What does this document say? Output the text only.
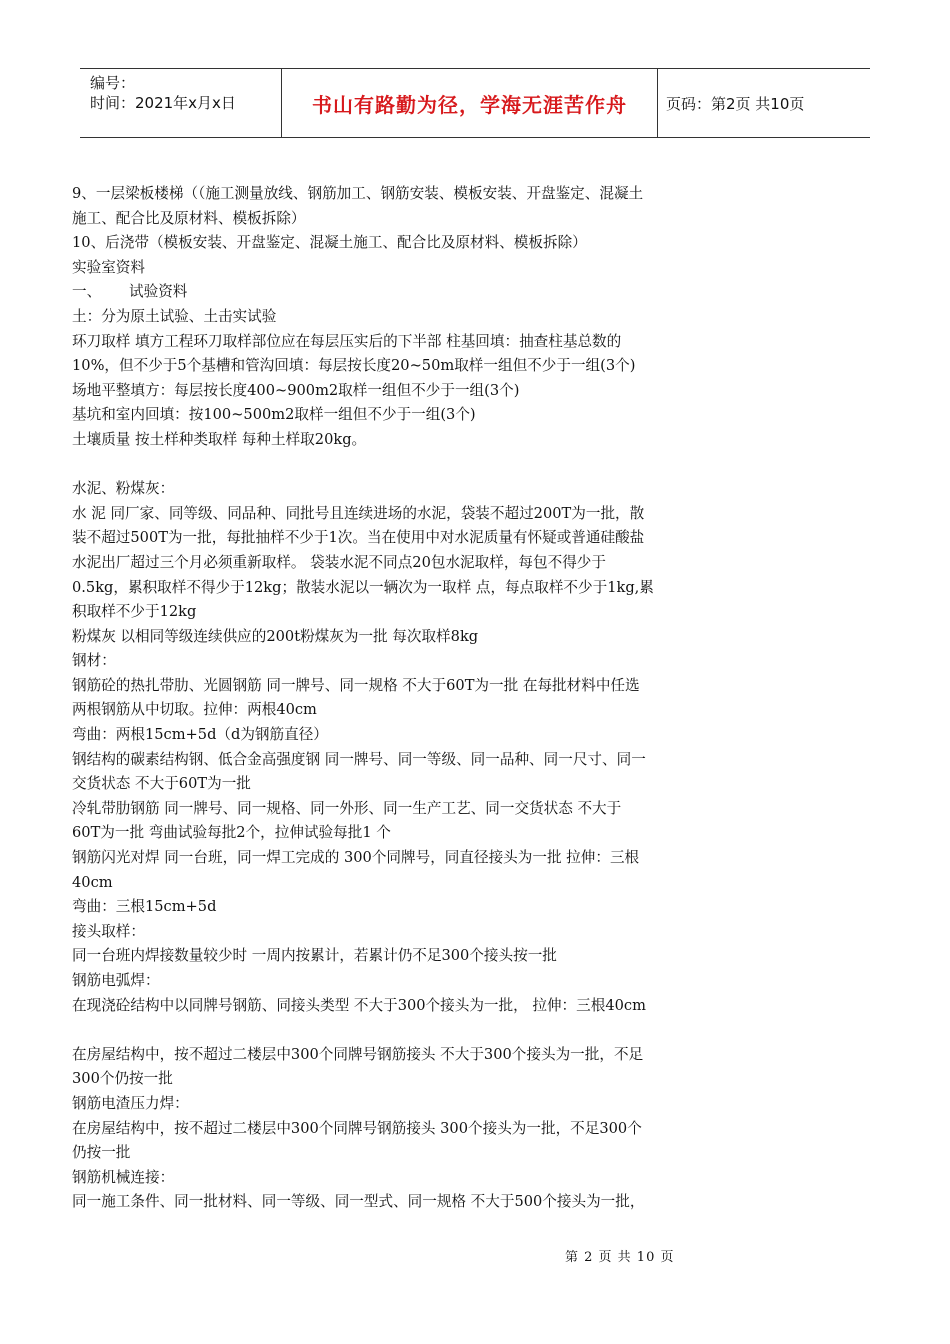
编号：
时间：2021年x月x日	书山有路勤为径，学海无涯苦作舟	页码：第2页 共10页
9、一层梁板楼梯（（施工测量放线、钢筋加工、钢筋安装、模板安装、开盘鉴定、混凝土
施工、配合比及原材料、模板拆除）
10、后浇带（模板安装、开盘鉴定、混凝土施工、配合比及原材料、模板拆除）
实验室资料
一、      试验资料
土：分为原土试验、土击实试验
环刀取样 填方工程环刀取样部位应在每层压实后的下半部 柱基回填：抽查柱基总数的
10%，但不少于5个基槽和管沟回填：每层按长度20~50m取样一组但不少于一组(3个)
场地平整填方：每层按长度400~900m2取样一组但不少于一组(3个)
基坑和室内回填：按100~500m2取样一组但不少于一组(3个)
土壤质量 按土样种类取样 每种土样取20kg。
水泥、粉煤灰：
水 泥 同厂家、同等级、同品种、同批号且连续进场的水泥，袋装不超过200T为一批，散
装不超过500T为一批，每批抽样不少于1次。当在使用中对水泥质量有怀疑或普通硅酸盐
水泥出厂超过三个月必须重新取样。 袋装水泥不同点20包水泥取样，每包不得少于
0.5kg，累积取样不得少于12kg；散装水泥以一辆次为一取样 点，每点取样不少于1kg,累
积取样不少于12kg
粉煤灰 以相同等级连续供应的200t粉煤灰为一批 每次取样8kg
钢材：
钢筋砼的热扎带肋、光圆钢筋 同一牌号、同一规格 不大于60T为一批 在每批材料中任选
两根钢筋从中切取。拉伸：两根40cm
弯曲：两根15cm+5d（d为钢筋直径）
钢结构的碳素结构钢、低合金高强度钢 同一牌号、同一等级、同一品种、同一尺寸、同一
交货状态 不大于60T为一批
冷轧带肋钢筋 同一牌号、同一规格、同一外形、同一生产工艺、同一交货状态 不大于
60T为一批 弯曲试验每批2个，拉伸试验每批1 个
钢筋闪光对焊 同一台班，同一焊工完成的 300个同牌号，同直径接头为一批 拉伸：三根
40cm
弯曲：三根15cm+5d
接头取样：
同一台班内焊接数量较少时 一周内按累计，若累计仍不足300个接头按一批
钢筋电弧焊：
在现浇砼结构中以同牌号钢筋、同接头类型 不大于300个接头为一批， 拉伸：三根40cm
在房屋结构中，按不超过二楼层中300个同牌号钢筋接头 不大于300个接头为一批，不足
300个仍按一批
钢筋电渣压力焊：
在房屋结构中，按不超过二楼层中300个同牌号钢筋接头 300个接头为一批，不足300个
仍按一批
钢筋机械连接：
同一施工条件、同一批材料、同一等级、同一型式、同一规格 不大于500个接头为一批，
第 2 页 共 10 页
